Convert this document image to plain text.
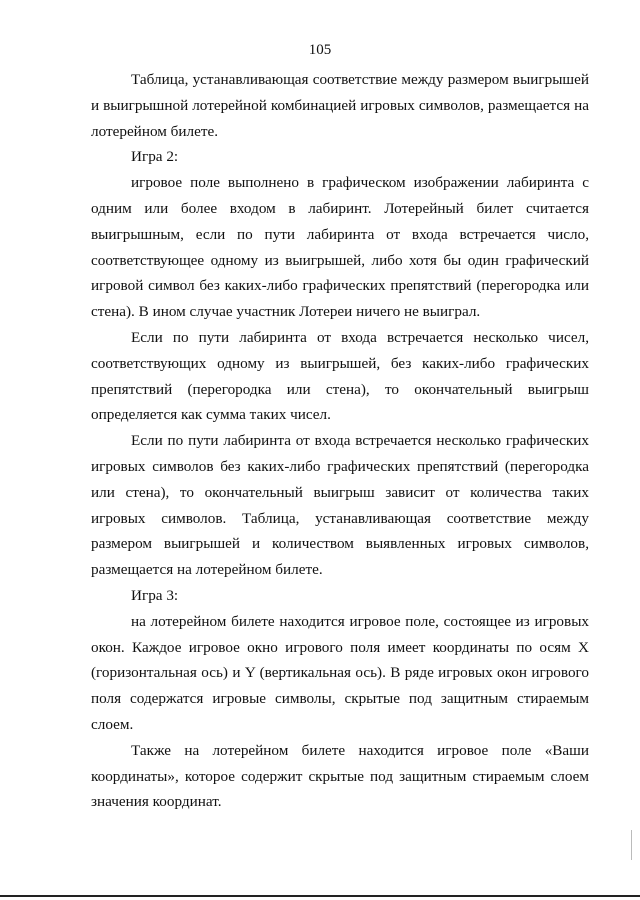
105

Таблица, устанавливающая соответствие между размером выигрышей и выигрышной лотерейной комбинацией игровых символов, размещается на лотерейном билете.

Игра 2:

игровое поле выполнено в графическом изображении лабиринта с одним или более входом в лабиринт. Лотерейный билет считается выигрышным, если по пути лабиринта от входа встречается число, соответствующее одному из выигрышей, либо хотя бы один графический игровой символ без каких-либо графических препятствий (перегородка или стена). В ином случае участник Лотереи ничего не выиграл.

Если по пути лабиринта от входа встречается несколько чисел, соответствующих одному из выигрышей, без каких-либо графических препятствий (перегородка или стена), то окончательный выигрыш определяется как сумма таких чисел.

Если по пути лабиринта от входа встречается несколько графических игровых символов без каких-либо графических препятствий (перегородка или стена), то окончательный выигрыш зависит от количества таких игровых символов. Таблица, устанавливающая соответствие между размером выигрышей и количеством выявленных игровых символов, размещается на лотерейном билете.

Игра 3:

на лотерейном билете находится игровое поле, состоящее из игровых окон. Каждое игровое окно игрового поля имеет координаты по осям X (горизонтальная ось) и Y (вертикальная ось). В ряде игровых окон игрового поля содержатся игровые символы, скрытые под защитным стираемым слоем.

Также на лотерейном билете находится игровое поле «Ваши координаты», которое содержит скрытые под защитным стираемым слоем значения координат.
